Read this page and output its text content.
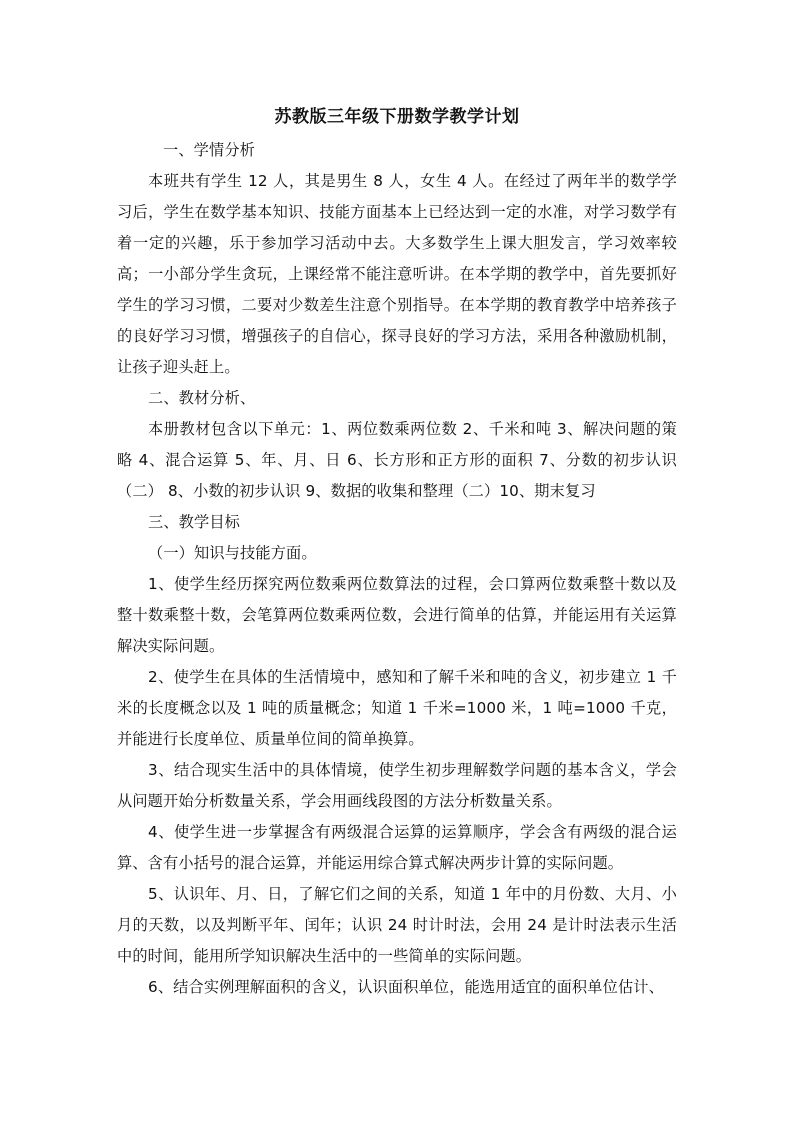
苏教版三年级下册数学教学计划

一、学情分析

本班共有学生 12 人，其是男生 8 人，女生 4 人。在经过了两年半的数学学习后，学生在数学基本知识、技能方面基本上已经达到一定的水准，对学习数学有着一定的兴趣，乐于参加学习活动中去。大多数学生上课大胆发言，学习效率较高；一小部分学生贪玩，上课经常不能注意听讲。在本学期的教学中，首先要抓好学生的学习习惯，二要对少数差生注意个别指导。在本学期的教育教学中培养孩子的良好学习习惯，增强孩子的自信心，探寻良好的学习方法，采用各种激励机制，让孩子迎头赶上。

二、教材分析、

本册教材包含以下单元：1、两位数乘两位数 2、千米和吨 3、解决问题的策略 4、混合运算 5、年、月、日 6、长方形和正方形的面积 7、分数的初步认识（二） 8、小数的初步认识 9、数据的收集和整理（二）10、期末复习

三、教学目标

（一）知识与技能方面。

1、使学生经历探究两位数乘两位数算法的过程，会口算两位数乘整十数以及整十数乘整十数，会笔算两位数乘两位数，会进行简单的估算，并能运用有关运算解决实际问题。

2、使学生在具体的生活情境中，感知和了解千米和吨的含义，初步建立 1 千米的长度概念以及 1 吨的质量概念；知道 1 千米=1000 米，1 吨=1000 千克，并能进行长度单位、质量单位间的简单换算。

3、结合现实生活中的具体情境，使学生初步理解数学问题的基本含义，学会从问题开始分析数量关系，学会用画线段图的方法分析数量关系。

4、使学生进一步掌握含有两级混合运算的运算顺序，学会含有两级的混合运算、含有小括号的混合运算，并能运用综合算式解决两步计算的实际问题。

5、认识年、月、日，了解它们之间的关系，知道 1 年中的月份数、大月、小月的天数，以及判断平年、闰年；认识 24 时计时法，会用 24 是计时法表示生活中的时间，能用所学知识解决生活中的一些简单的实际问题。

6、结合实例理解面积的含义，认识面积单位，能选用适宜的面积单位估计、
